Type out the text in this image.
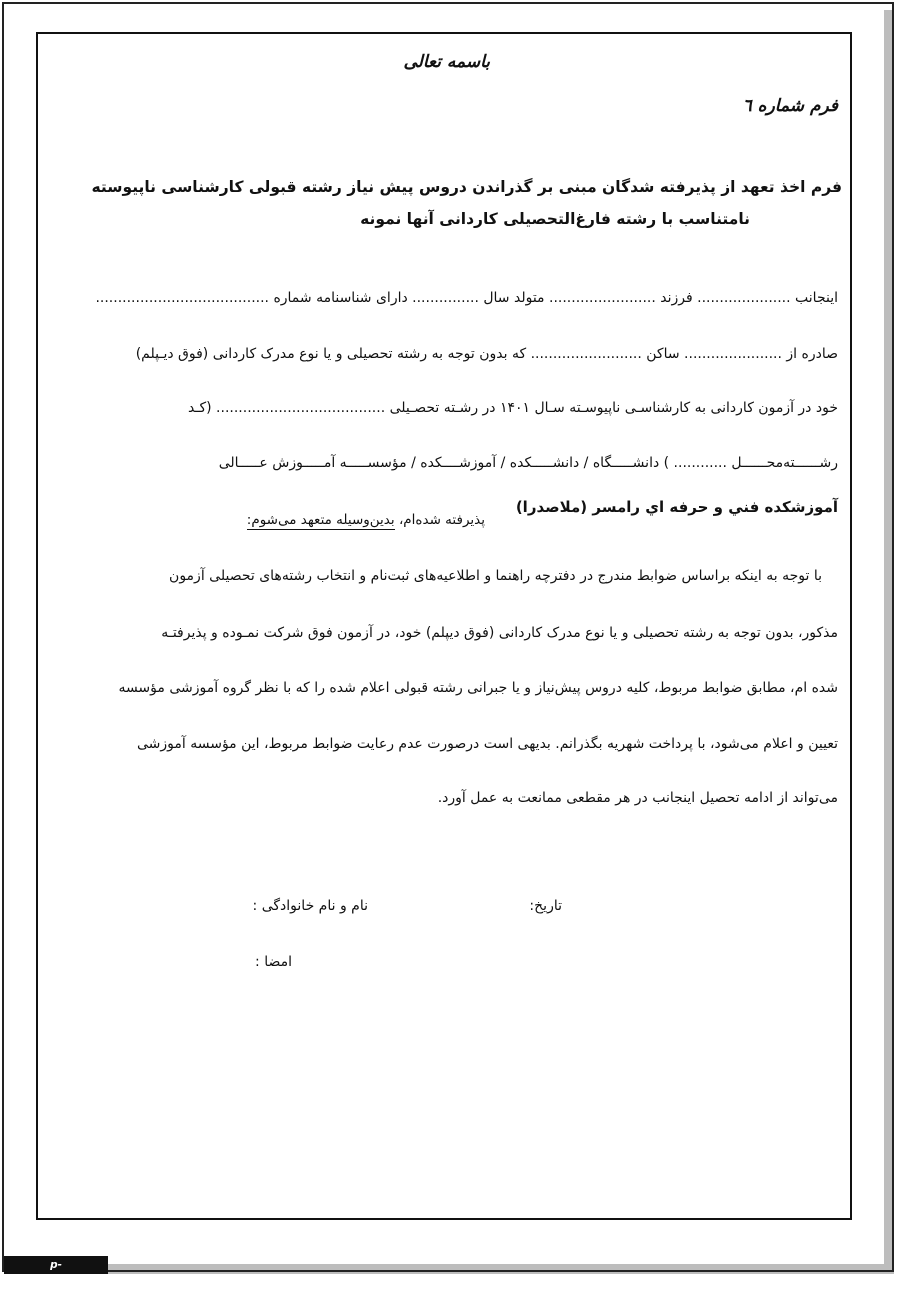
باسمه تعالی
فرم شماره ٦
فرم اخذ تعهد از پذیرفته شدگان مبنی بر گذراندن دروس پیش نیاز رشته قبولی کارشناسی ناپیوسته
نامتناسب با رشته فارغ‌التحصیلی کاردانی آنها نمونه
اینجانب ..................... فرزند ........................ متولد سال ............... دارای شناسنامه شماره .......................................
صادره از ...................... ساکن ......................... که بدون توجه به رشته تحصیلی و یا نوع مدرک کاردانی (فوق دیـپلم)
خود در آزمون کاردانی به کارشناسـی ناپیوسـته سـال ۱۴۰۱ در رشـته تحصـیلی ...................................... (کـد
رشــــــته‌محــــــل ............ ) دانشـــــگاه / دانشـــــکده / آموزشــــکده / مؤسســـــه آمـــــوزش عـــــالی
آموزشکده فني و حرفه اي رامسر (ملاصدرا)
پذیرفته شده‌ام، بدین‌وسیله متعهد می‌شوم:
با توجه به اینکه براساس ضوابط مندرج در دفترچه راهنما و اطلاعیه‌های ثبت‌نام و انتخاب رشته‌های تحصیلی آزمون
مذکور، بدون توجه به رشته تحصیلی و یا نوع مدرک کاردانی (فوق دیپلم) خود، در آزمون فوق شرکت نمـوده و پذیرفتـه
شده ام، مطابق ضوابط مربوط، کلیه دروس پیش‌نیاز و یا جبرانی رشته قبولی اعلام شده را که با نظر گروه آموزشی مؤسسه
تعیین و اعلام می‌شود، با پرداخت شهریه بگذرانم. بدیهی است درصورت عدم رعایت ضوابط مربوط، این مؤسسه آموزشی
می‌تواند از ادامه تحصیل اینجانب در هر مقطعی ممانعت به عمل آورد.
تاریخ:
نام و نام خانوادگی :
امضا :
p-ramsar.tvu.ac.ir
